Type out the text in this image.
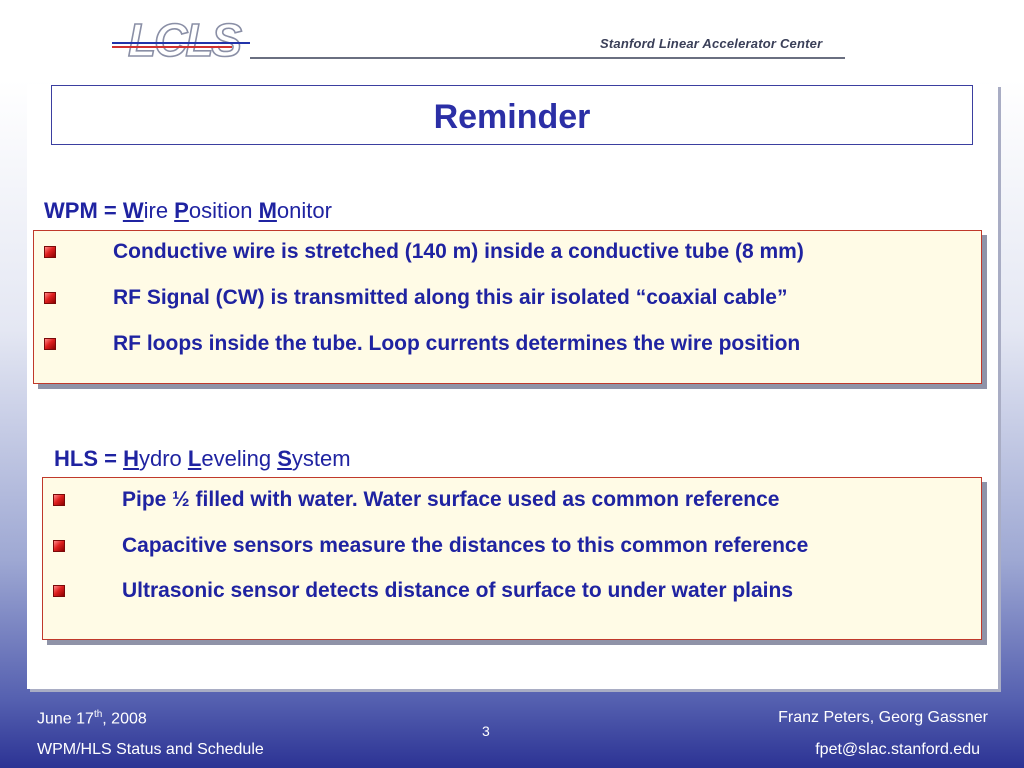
LCLS	Stanford Linear Accelerator Center
Reminder
WPM = Wire Position Monitor
Conductive wire is stretched (140 m) inside a conductive tube (8 mm)
RF Signal (CW) is transmitted along this air isolated “coaxial cable”
RF loops inside the tube. Loop currents determines the wire position
HLS = Hydro Leveling System
Pipe ½ filled with water. Water surface used as common reference
Capacitive sensors measure the distances to this common reference
Ultrasonic sensor detects distance of surface to under water plains
June 17th, 2008
WPM/HLS Status and Schedule
3
Franz Peters, Georg Gassner
fpet@slac.stanford.edu
